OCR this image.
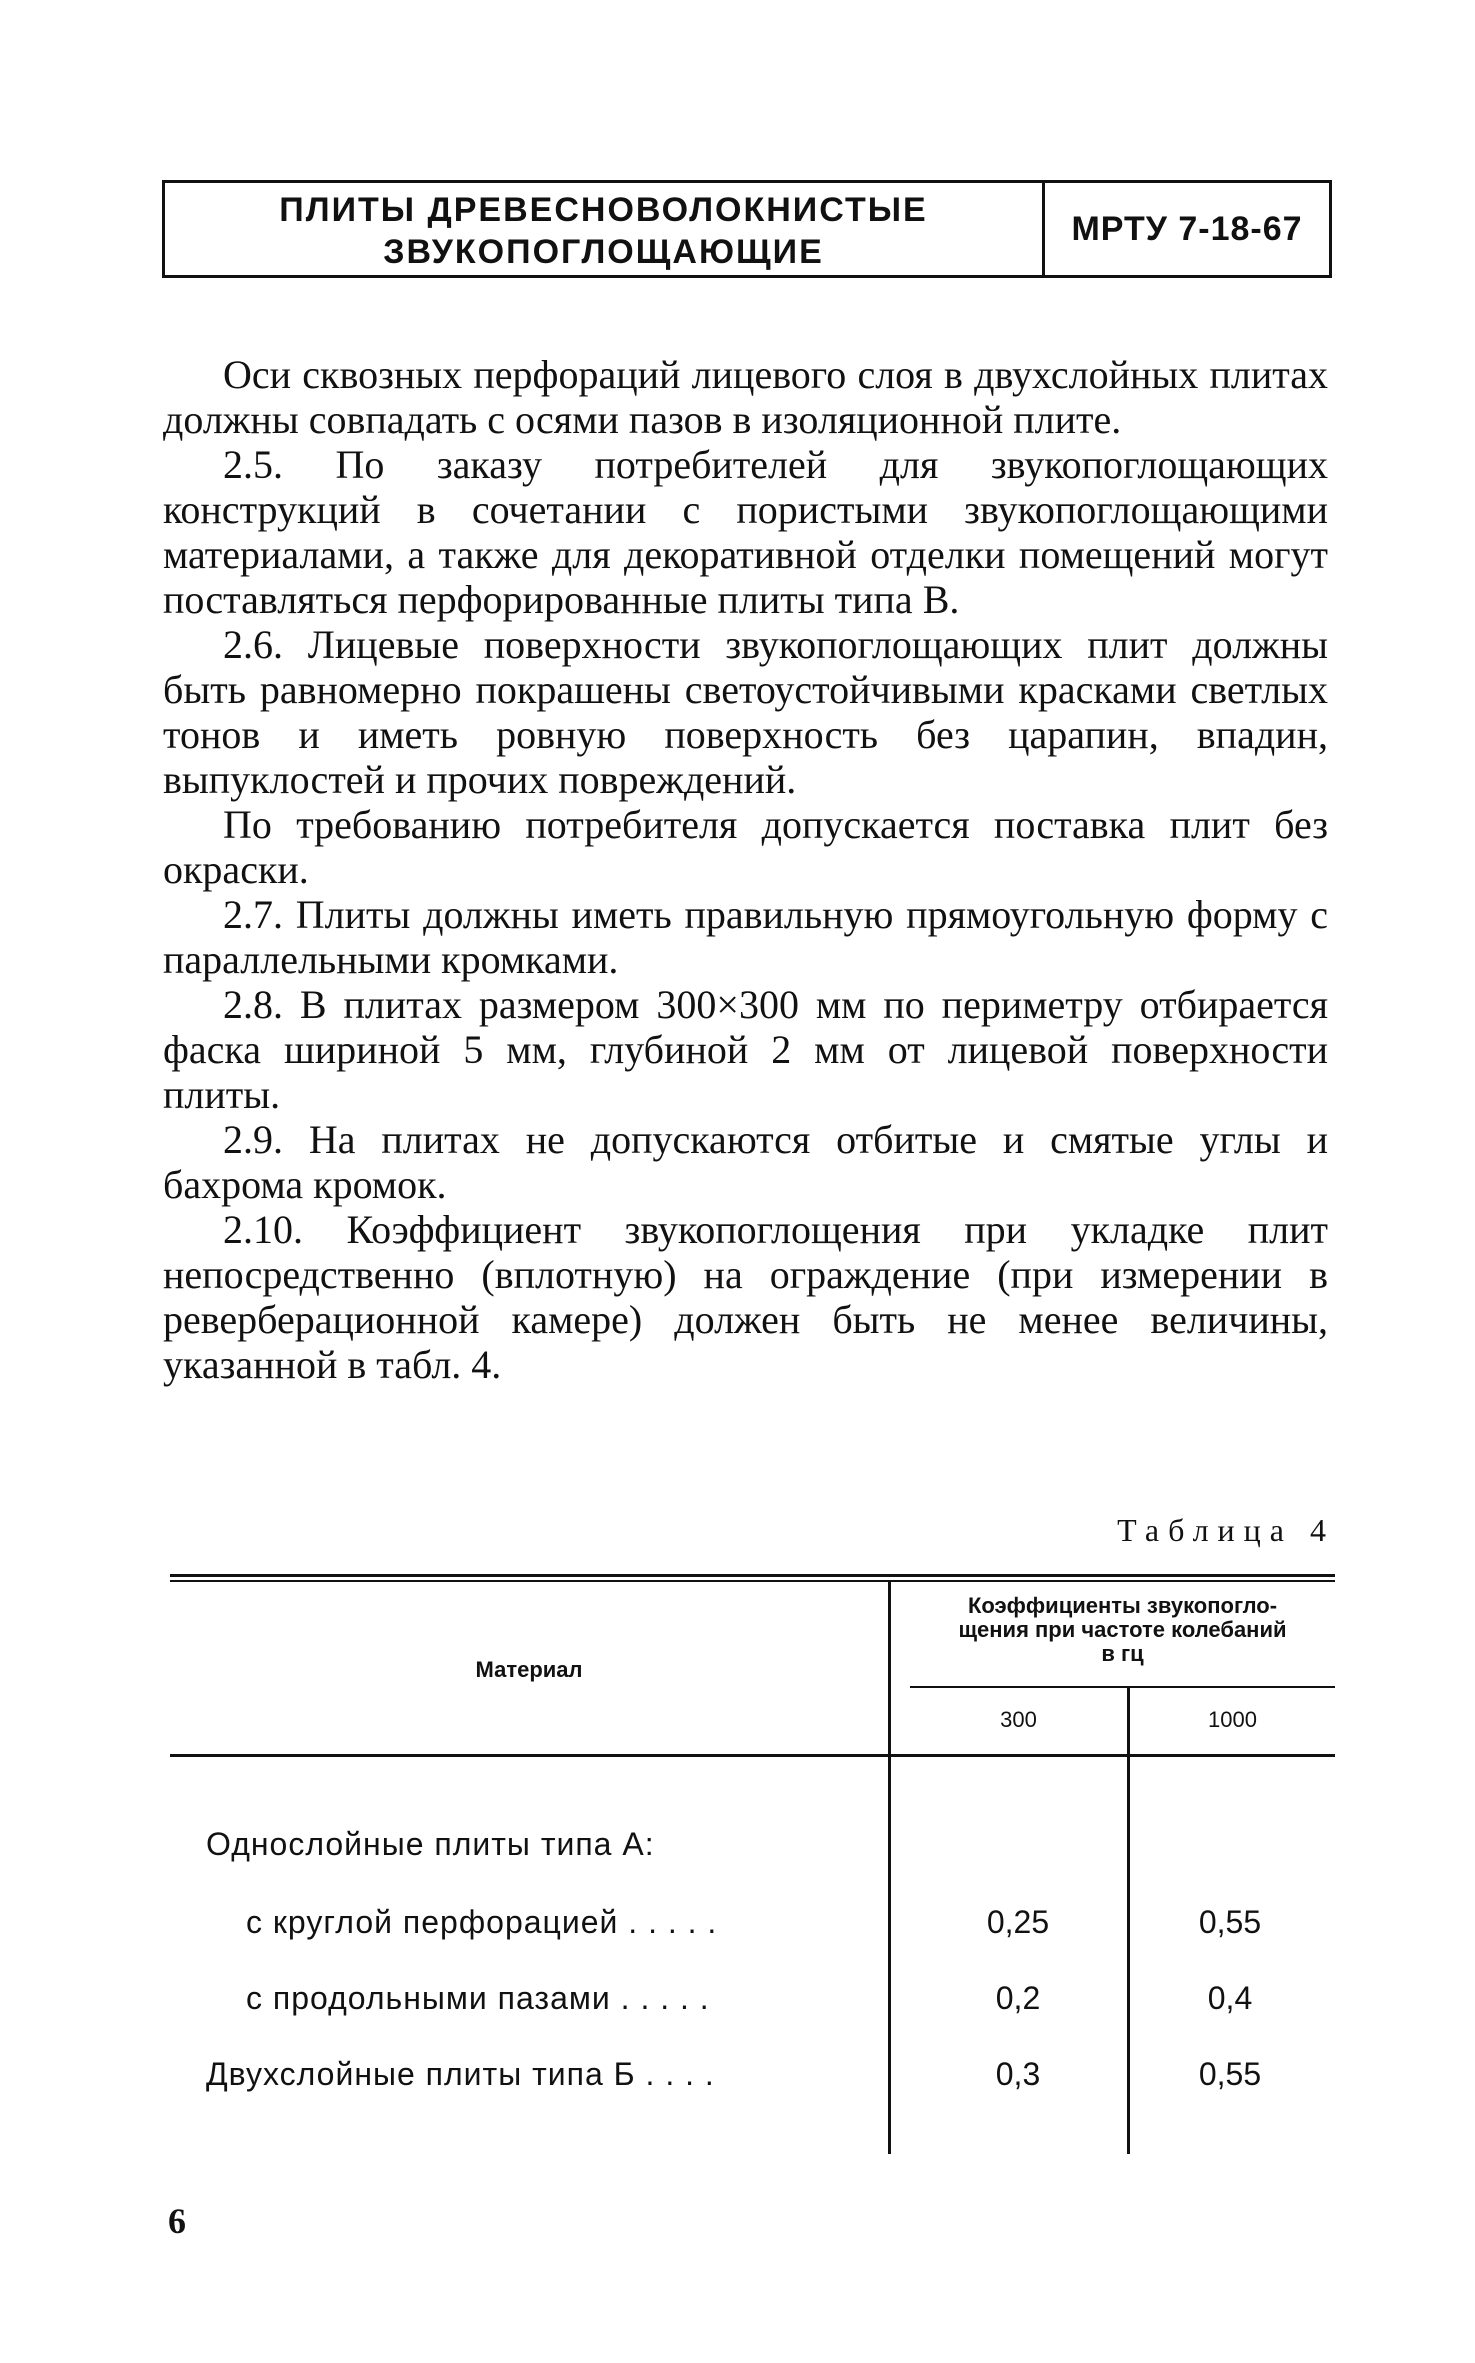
ПЛИТЫ ДРЕВЕСНОВОЛОКНИСТЫЕ
ЗВУКОПОГЛОЩАЮЩИЕ
МРТУ 7-18-67

Оси сквозных перфораций лицевого слоя в двухслойных плитах должны совпадать с осями пазов в изоляционной плите.

2.5. По заказу потребителей для звукопоглощающих конструкций в сочетании с пористыми звукопоглощающими материалами, а также для декоративной отделки помещений могут поставляться перфорированные плиты типа В.

2.6. Лицевые поверхности звукопоглощающих плит должны быть равномерно покрашены светоустойчивыми красками светлых тонов и иметь ровную поверхность без царапин, впадин, выпуклостей и прочих повреждений.

По требованию потребителя допускается поставка плит без окраски.

2.7. Плиты должны иметь правильную прямоугольную форму с параллельными кромками.

2.8. В плитах размером 300×300 мм по периметру отбирается фаска шириной 5 мм, глубиной 2 мм от лицевой поверхности плиты.

2.9. На плитах не допускаются отбитые и смятые углы и бахрома кромок.

2.10. Коэффициент звукопоглощения при укладке плит непосредственно (вплотную) на ограждение (при измерении в реверберационной камере) должен быть не менее величины, указанной в табл. 4.

Таблица 4
Материал
Коэффициенты звукопогло-
щения при частоте колебаний
в гц
300	1000
Однослойные плиты типа А:
с круглой перфорацией . . . . .	0,25	0,55
с продольными пазами . . . . .	0,2	0,4
Двухслойные плиты типа Б . . . .	0,3	0,55
6
